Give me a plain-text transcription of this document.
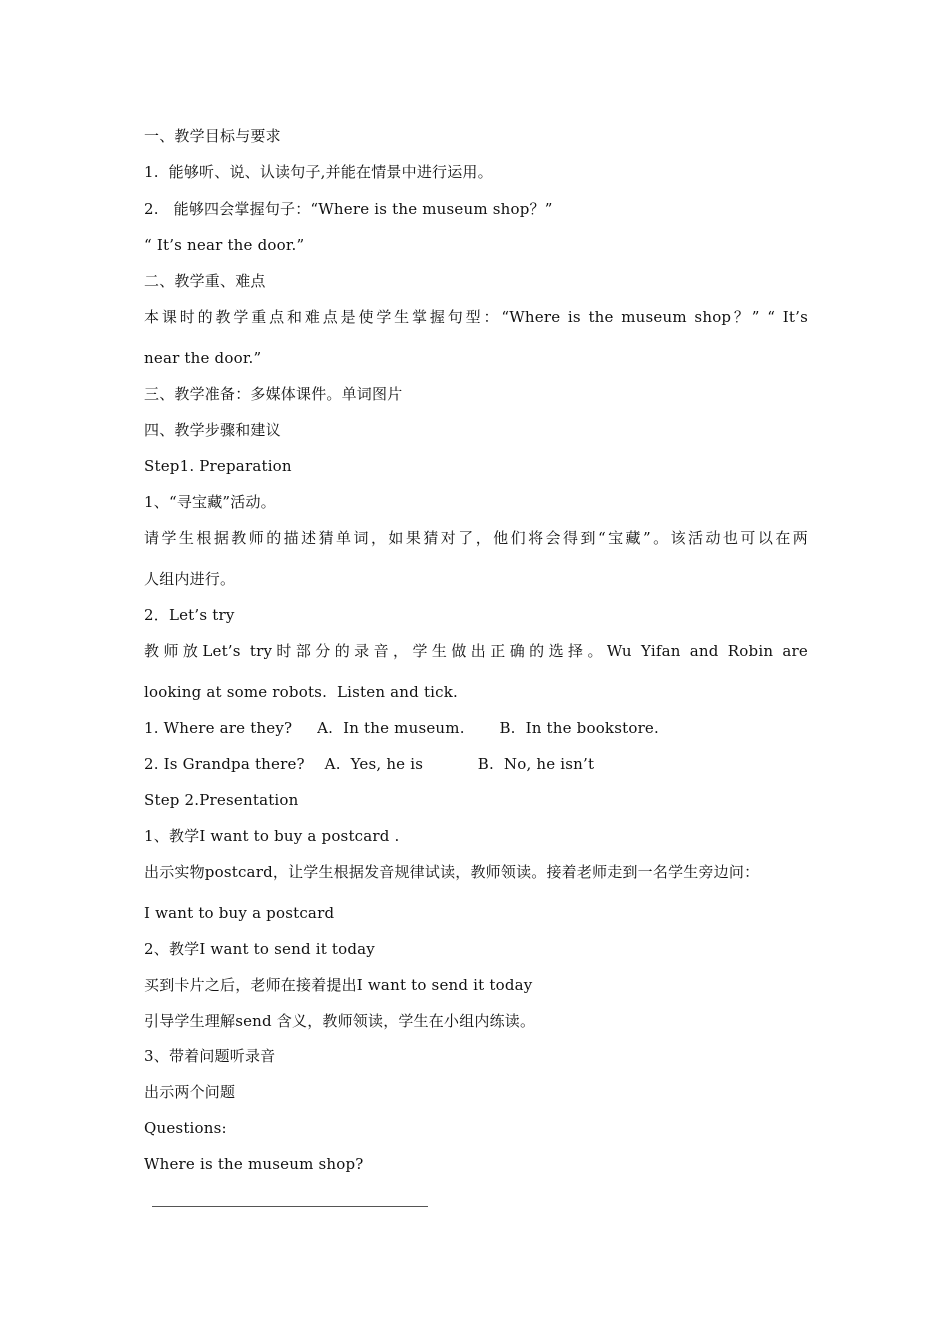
一、教学目标与要求
1.  能够听、说、认读句子,并能在情景中进行运用。
2.   能够四会掌握句子：“Where is the museum shop？”
“ It’s near the door.”
二、教学重、难点
本课时的教学重点和难点是使学生掌握句型：“Where is the museum shop？” “ It’s
near the door.”
三、教学准备：多媒体课件。单词图片
四、教学步骤和建议
Step1. Preparation
1、“寻宝藏”活动。
请学生根据教师的描述猜单词，如果猜对了，他们将会得到“宝藏”。该活动也可以在两
人组内进行。
2．Let’s try
教师放Let’s try时部分的录音，学生做出正确的选择。Wu Yifan and Robin are
looking at some robots.  Listen and tick.
1. Where are they?     A.  In the museum.       B.  In the bookstore.
2. Is Grandpa there?    A.  Yes, he is           B.  No, he isn’t
Step 2.Presentation
1、教学I want to buy a postcard .
出示实物postcard，让学生根据发音规律试读，教师领读。接着老师走到一名学生旁边问：
I want to buy a postcard
2、教学I want to send it today
买到卡片之后，老师在接着提出I want to send it today
引导学生理解send 含义，教师领读，学生在小组内练读。
3、带着问题听录音
出示两个问题
Questions:
Where is the museum shop?
